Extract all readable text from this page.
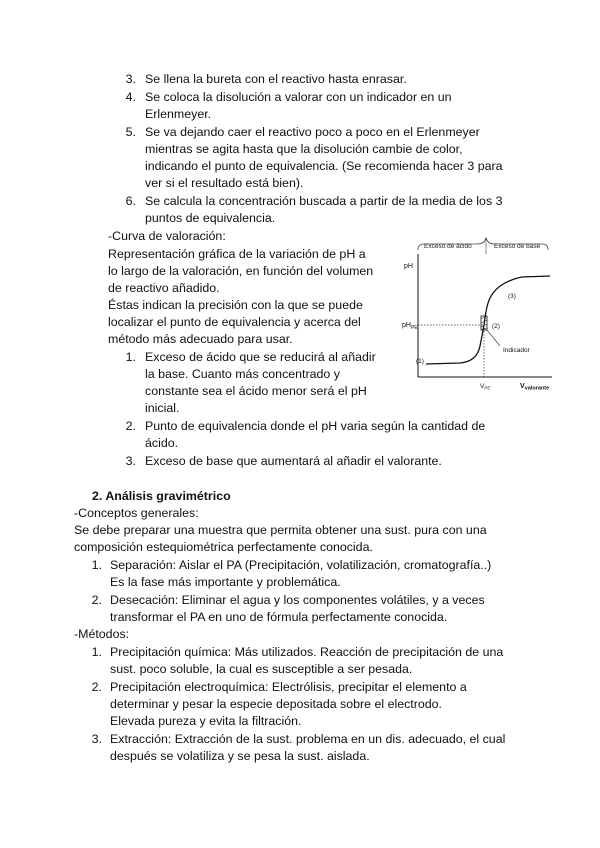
3. Se llena la bureta con el reactivo hasta enrasar.
4. Se coloca la disolución a valorar con un indicador en un
Erlenmeyer.
5. Se va dejando caer el reactivo poco a poco en el Erlenmeyer
mientras se agita hasta que la disolución cambie de color,
indicando el punto de equivalencia. (Se recomienda hacer 3 para
ver si el resultado está bien).
6. Se calcula la concentración buscada a partir de la media de los 3
puntos de equivalencia.
-Curva de valoración:
Representación gráfica de la variación de pH a
lo largo de la valoración, en función del volumen
de reactivo añadido.
Éstas indican la precisión con la que se puede
localizar el punto de equivalencia y acerca del
método más adecuado para usar.
1. Exceso de ácido que se reducirá al añadir
la base. Cuanto más concentrado y
constante sea el ácido menor será el pH
inicial.
2. Punto de equivalencia donde el pH varia según la cantidad de
ácido.
3. Exceso de base que aumentará al añadir el valorante.
Exceso de ácido	Exceso de base
pH
$pH_{PE}$
(1)
(2)
(3)
Indicador
$V_{PE}$	$V_{valorante}$
2. Análisis gravimétrico
-Conceptos generales:
Se debe preparar una muestra que permita obtener una sust. pura con una
composición estequiométrica perfectamente conocida.
1. Separación: Aislar el PA (Precipitación, volatilización, cromatografía..)
Es la fase más importante y problemática.
2. Desecación: Eliminar el agua y los componentes volátiles, y a veces
transformar el PA en uno de fórmula perfectamente conocida.
-Métodos:
1. Precipitación química: Más utilizados. Reacción de precipitación de una
sust. poco soluble, la cual es susceptible a ser pesada.
2. Precipitación electroquímica: Electrólisis, precipitar el elemento a
determinar y pesar la especie depositada sobre el electrodo.
Elevada pureza y evita la filtración.
3. Extracción: Extracción de la sust. problema en un dis. adecuado, el cual
después se volatiliza y se pesa la sust. aislada.
